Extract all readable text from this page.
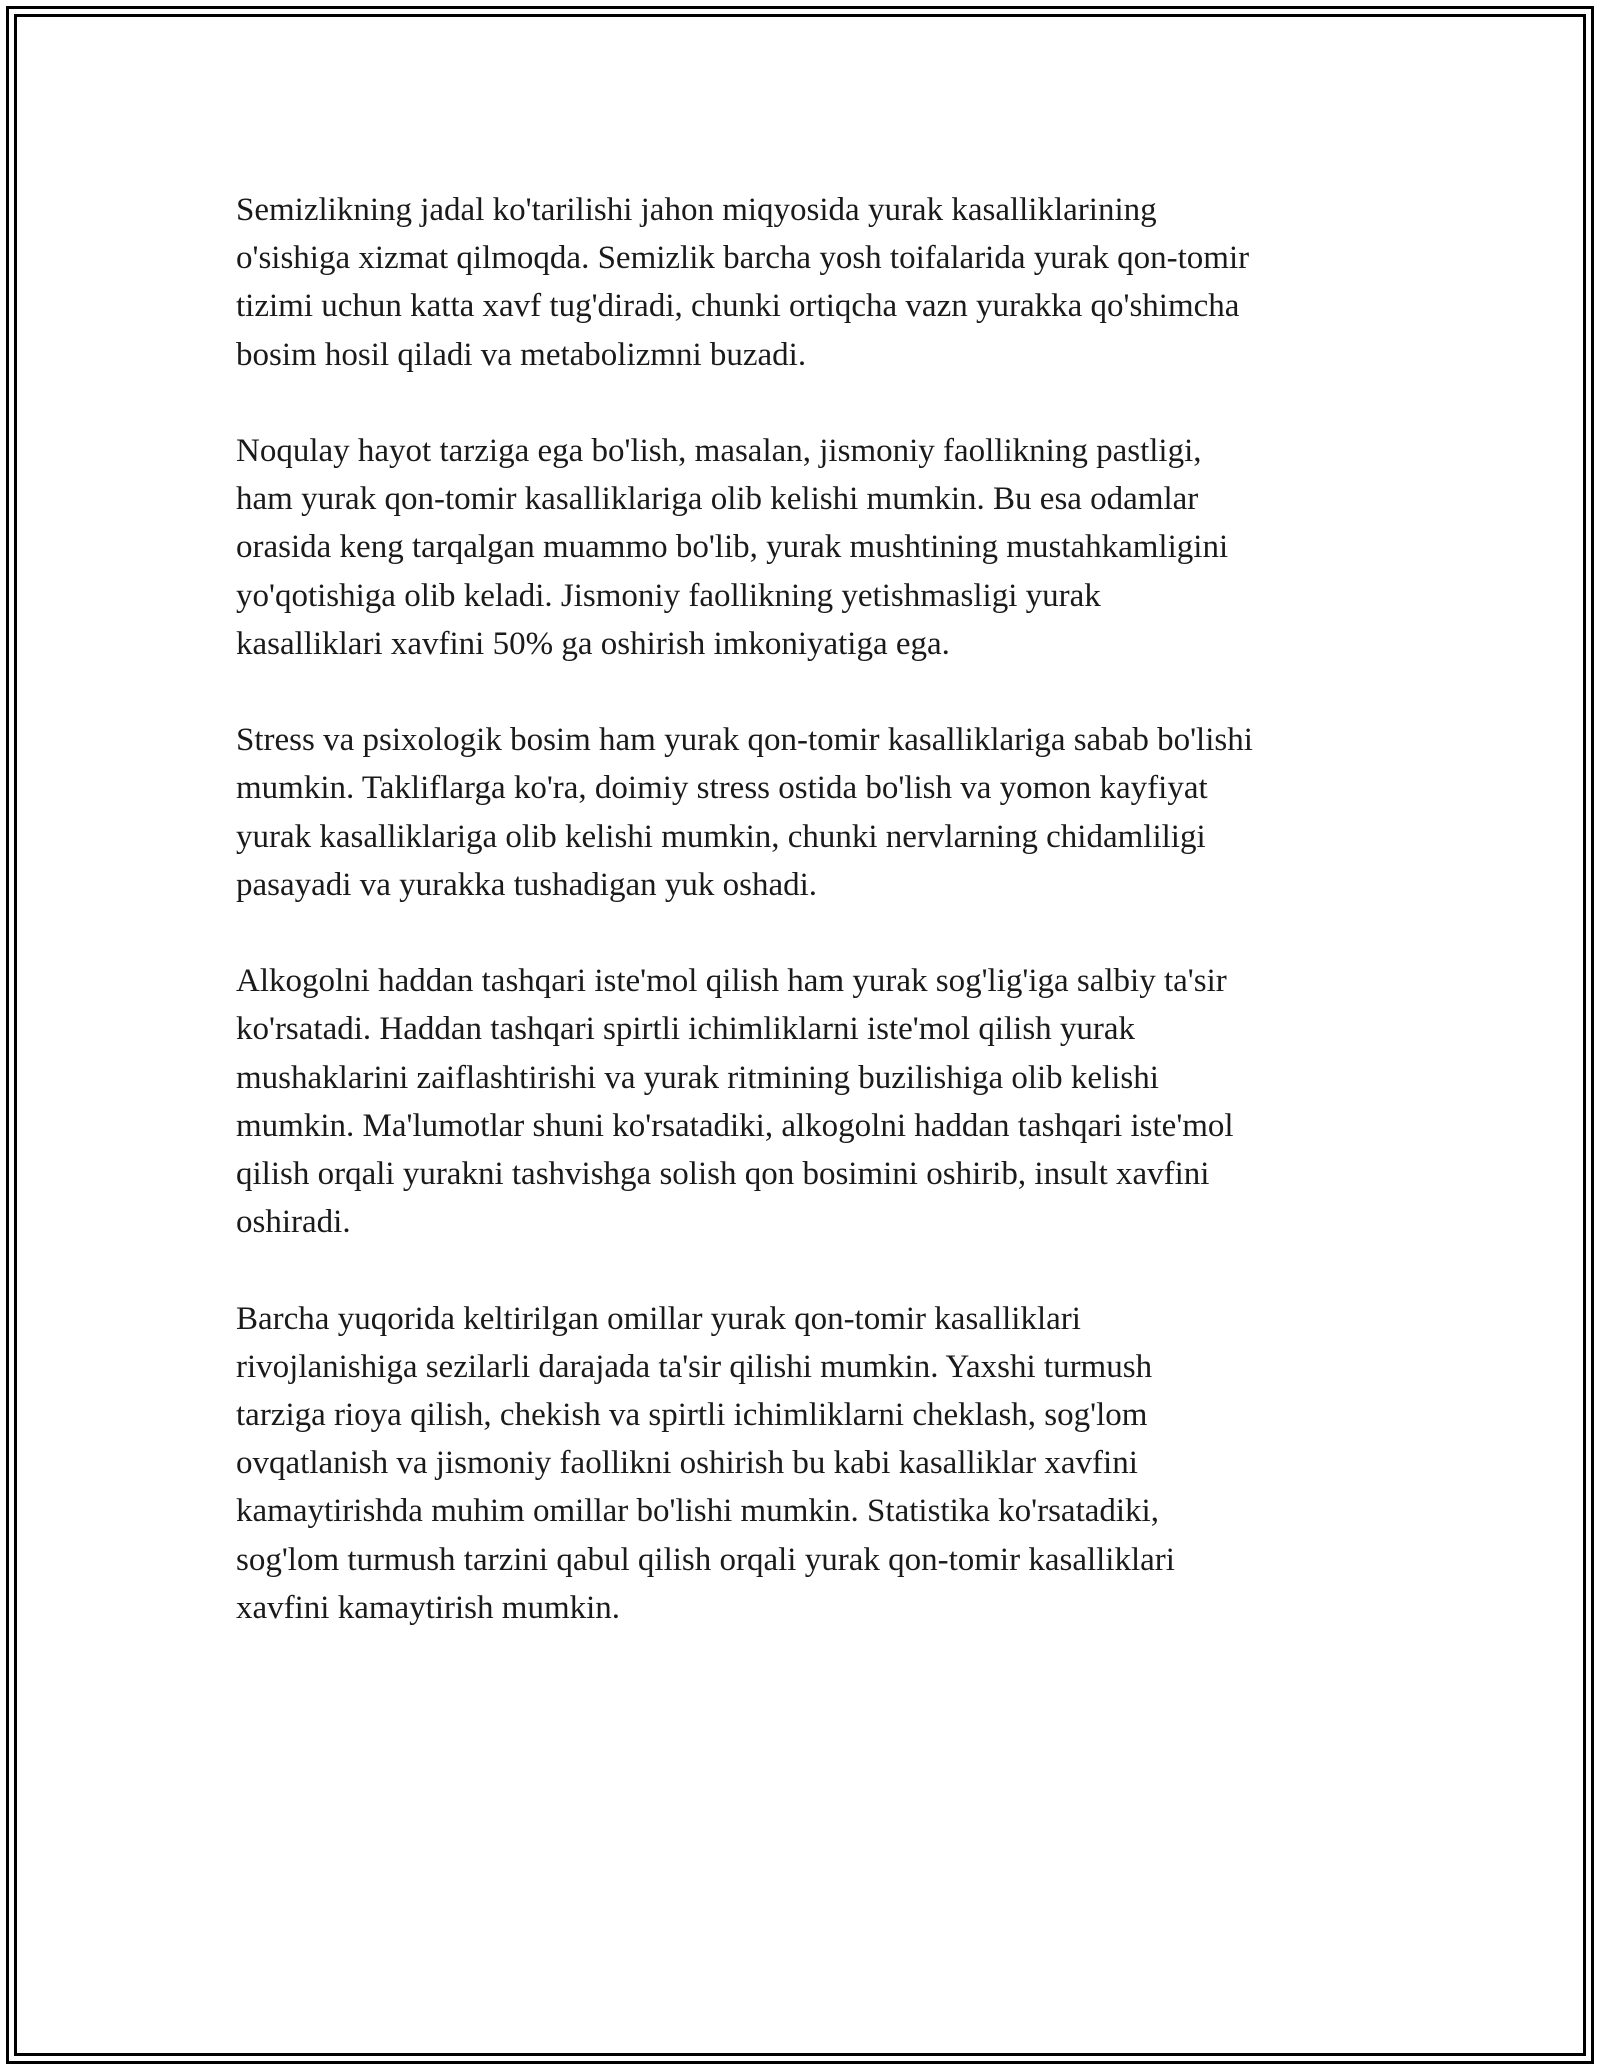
Semizlikning jadal ko'tarilishi jahon miqyosida yurak kasalliklarining
o'sishiga xizmat qilmoqda. Semizlik barcha yosh toifalarida yurak qon-tomir
tizimi uchun katta xavf tug'diradi, chunki ortiqcha vazn yurakka qo'shimcha
bosim hosil qiladi va metabolizmni buzadi.

Noqulay hayot tarziga ega bo'lish, masalan, jismoniy faollikning pastligi,
ham yurak qon-tomir kasalliklariga olib kelishi mumkin. Bu esa odamlar
orasida keng tarqalgan muammo bo'lib, yurak mushtining mustahkamligini
yo'qotishiga olib keladi. Jismoniy faollikning yetishmasligi yurak
kasalliklari xavfini 50% ga oshirish imkoniyatiga ega.

Stress va psixologik bosim ham yurak qon-tomir kasalliklariga sabab bo'lishi
mumkin. Takliflarga ko'ra, doimiy stress ostida bo'lish va yomon kayfiyat
yurak kasalliklariga olib kelishi mumkin, chunki nervlarning chidamliligi
pasayadi va yurakka tushadigan yuk oshadi.

Alkogolni haddan tashqari iste'mol qilish ham yurak sog'lig'iga salbiy ta'sir
ko'rsatadi. Haddan tashqari spirtli ichimliklarni iste'mol qilish yurak
mushaklarini zaiflashtirishi va yurak ritmining buzilishiga olib kelishi
mumkin. Ma'lumotlar shuni ko'rsatadiki, alkogolni haddan tashqari iste'mol
qilish orqali yurakni tashvishga solish qon bosimini oshirib, insult xavfini
oshiradi.

Barcha yuqorida keltirilgan omillar yurak qon-tomir kasalliklari
rivojlanishiga sezilarli darajada ta'sir qilishi mumkin. Yaxshi turmush
tarziga rioya qilish, chekish va spirtli ichimliklarni cheklash, sog'lom
ovqatlanish va jismoniy faollikni oshirish bu kabi kasalliklar xavfini
kamaytirishda muhim omillar bo'lishi mumkin. Statistika ko'rsatadiki,
sog'lom turmush tarzini qabul qilish orqali yurak qon-tomir kasalliklari
xavfini kamaytirish mumkin.
